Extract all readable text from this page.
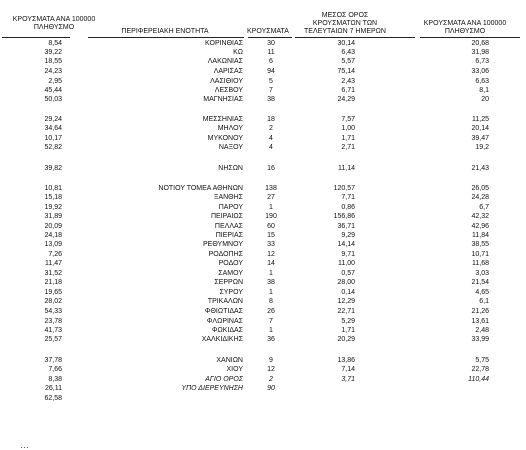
ΚΡΟΥΣΜΑΤΑ ΑΝΑ 100000
ΠΛΗΘΥΣΜΟ
ΠΕΡΙΦΕΡΕΙΑΚΗ ΕΝΟΤΗΤΑ	ΚΡΟΥΣΜΑΤΑ
ΜΕΣΟΣ ΟΡΟΣ
ΚΡΟΥΣΜΑΤΩΝ ΤΩΝ
ΤΕΛΕΥΤΑΙΩΝ 7 ΗΜΕΡΩΝ
ΚΡΟΥΣΜΑΤΑ ΑΝΑ 100000
ΠΛΗΘΥΣΜΟ
8,54	ΚΟΡΙΝΘΙΑΣ	30	30,14	20,68
39,22	ΚΩ	11	6,43	31,98
18,55	ΛΑΚΩΝΙΑΣ	6	5,57	6,73
24,23	ΛΑΡΙΣΑΣ	94	75,14	33,06
2,95	ΛΑΣΙΘΙΟΥ	5	2,43	6,63
45,44	ΛΕΣΒΟΥ	7	6,71	8,1
50,03	ΜΑΓΝΗΣΙΑΣ	38	24,29	20
29,24	ΜΕΣΣΗΝΙΑΣ	18	7,57	11,25
34,64	ΜΗΛΟΥ	2	1,00	20,14
10,17	ΜΥΚΟΝΟΥ	4	1,71	39,47
52,82	ΝΑΞΟΥ	4	2,71	19,2
39,82	ΝΗΣΩΝ	16	11,14	21,43
10,81	ΝΟΤΙΟΥ ΤΟΜΕΑ ΑΘΗΝΩΝ	138	120,57	26,05
15,18	ΞΑΝΘΗΣ	27	7,71	24,28
19,92	ΠΑΡΟΥ	1	0,86	6,7
31,89	ΠΕΙΡΑΙΩΣ	190	156,86	42,32
20,09	ΠΕΛΛΑΣ	60	36,71	42,96
24,18	ΠΙΕΡΙΑΣ	15	9,29	11,84
13,09	ΡΕΘΥΜΝΟΥ	33	14,14	38,55
7,26	ΡΟΔΟΠΗΣ	12	9,71	10,71
11,47	ΡΟΔΟΥ	14	11,00	11,68
31,52	ΣΑΜΟΥ	1	0,57	3,03
21,18	ΣΕΡΡΩΝ	38	28,00	21,54
19,65	ΣΥΡΟΥ	1	0,14	4,65
28,02	ΤΡΙΚΑΛΩΝ	8	12,29	6,1
54,33	ΦΘΙΩΤΙΔΑΣ	26	22,71	21,26
23,78	ΦΛΩΡΙΝΑΣ	7	5,29	13,61
41,73	ΦΩΚΙΔΑΣ	1	1,71	2,48
25,57	ΧΑΛΚΙΔΙΚΗΣ	36	20,29	33,99
37,78	ΧΑΝΙΩΝ	9	13,86	5,75
7,66	ΧΙΟΥ	12	7,14	22,78
8,38	ΑΓΙΟ ΟΡΟΣ	2	3,71	110,44
26,11	ΥΠΟ ΔΙΕΡΕΥΝΗΣΗ	90
62,58
…
